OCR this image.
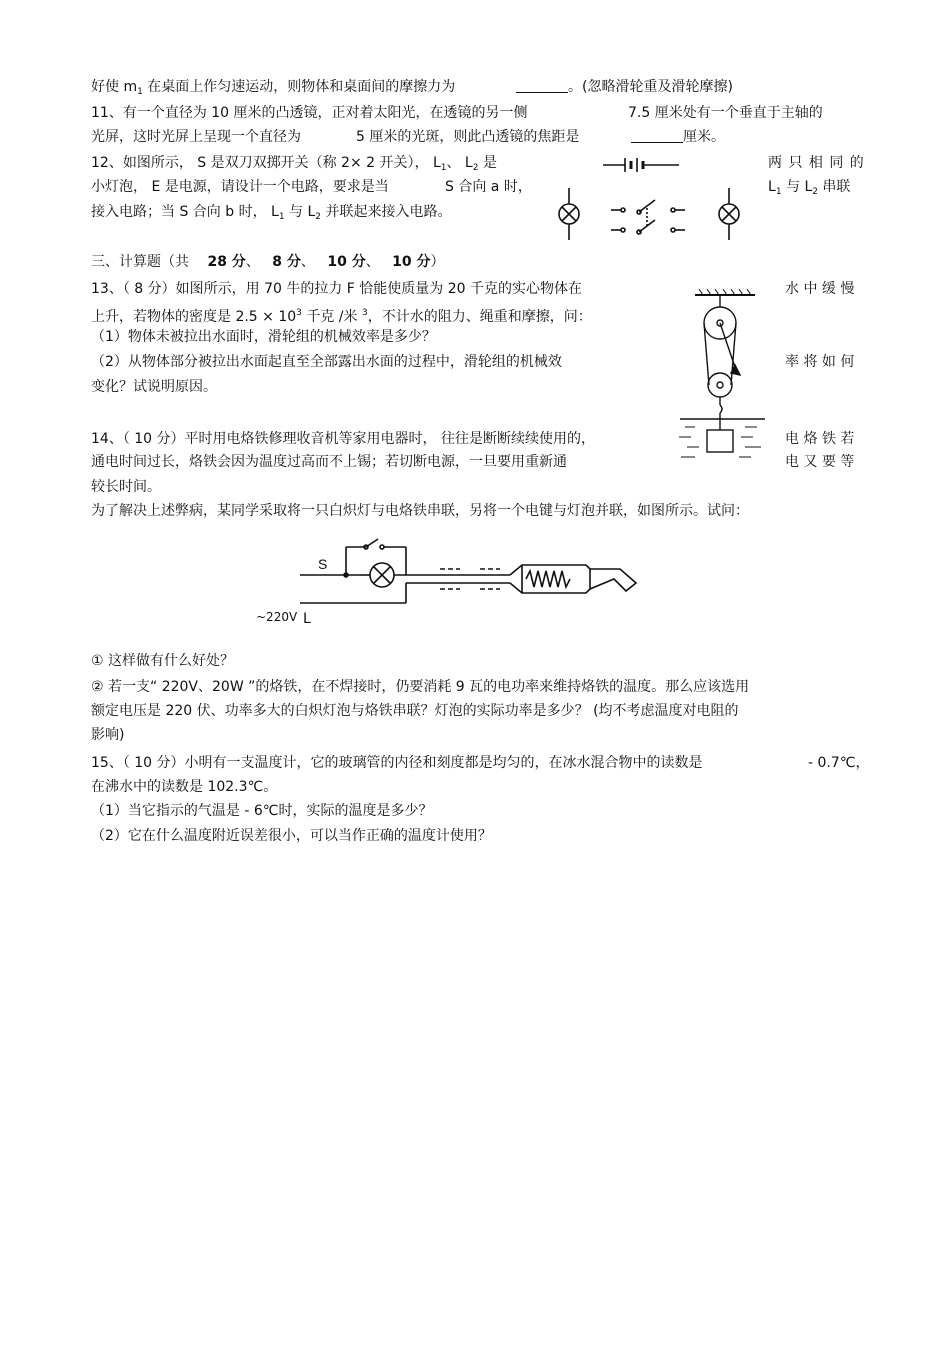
好使 $m_1$ 在桌面上作匀速运动，则物体和桌面间的摩擦力为	。(忽略滑轮重及滑轮摩擦)
11、有一个直径为 10 厘米的凸透镜，正对着太阳光，在透镜的另一侧	7.5 厘米处有一个垂直于主轴的
光屏，这时光屏上呈现一个直径为	5 厘米的光斑，则此凸透镜的焦距是	厘米。
12、如图所示， S 是双刀双掷开关（称 2× 2 开关）， $L_1$、 $L_2$ 是	两 只 相 同 的
小灯泡， E 是电源，请设计一个电路，要求是当	S 合向 a 时，	$L_1$ 与 $L_2$ 串联
接入电路；当 S 合向 b 时， $L_1$ 与 $L_2$ 并联起来接入电路。
三、计算题（共 28 分、 8 分、 10 分、 10 分）
13、（ 8 分）如图所示，用 70 牛的拉力 F 恰能使质量为 20 千克的实心物体在	水 中 缓 慢
上升，若物体的密度是 $2.5 \times 10^3$ 千克 /米 $^3$，不计水的阻力、绳重和摩擦，问：
（1）物体未被拉出水面时，滑轮组的机械效率是多少？
（2）从物体部分被拉出水面起直至全部露出水面的过程中，滑轮组的机械效	率 将 如 何
变化？试说明原因。
14、（ 10 分）平时用电烙铁修理收音机等家用电器时， 往往是断断续续使用的，	电 烙 铁 若
通电时间过长，烙铁会因为温度过高而不上锡；若切断电源，一旦要用重新通	电 又 要 等
较长时间。
为了解决上述弊病，某同学采取将一只白炽灯与电烙铁串联，另将一个电键与灯泡并联，如图所示。试问：
S
~220V L
① 这样做有什么好处？
② 若一支“ 220V、20W ”的烙铁，在不焊接时，仍要消耗 9 瓦的电功率来维持烙铁的温度。那么应该选用
额定电压是 220 伏、功率多大的白炽灯泡与烙铁串联？灯泡的实际功率是多少？ (均不考虑温度对电阻的
影响)
15、（ 10 分）小明有一支温度计，它的玻璃管的内径和刻度都是均匀的，在冰水混合物中的读数是	- 0.7℃，
在沸水中的读数是 102.3℃。
（1）当它指示的气温是 - 6℃时，实际的温度是多少？
（2）它在什么温度附近误差很小，可以当作正确的温度计使用？
